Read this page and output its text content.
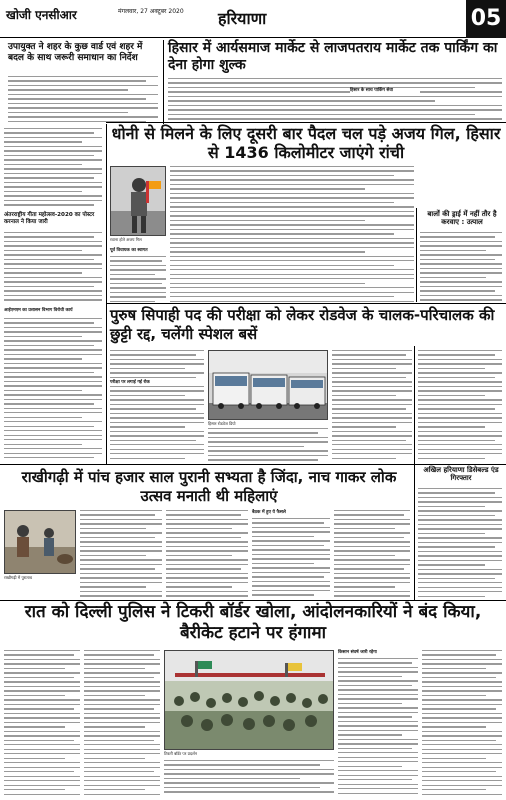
खोजी एनसीआर	मंगलवार, 27 अक्टूबर 2020 हरियाणा	05
उपायुक्त ने शहर के कुछ वार्ड एवं शहर में बदल के साथ जरूरी समाधान का निर्देश
अंतरराष्ट्रीय गीता महोत्सव-2020 का पोस्टर करनाल ने किया जारी
आईएमएम का प्रशासन विभाग विरोधी कार्य
हिसार में आर्यसमाज मार्केट से लाजपतराय मार्केट तक पार्किंग का देना होगा शुल्क
हिसार के साथ पार्किंग सेवा
धोनी से मिलने के लिए दूसरी बार पैदल चल पड़े अजय गिल, हिसार से 1436 किलोमीटर जाएंगे रांची
रवाना होते अजय गिल
पूर्व विधायक का स्वागत
बालों की ड्राई में नहीं तौर है करवाए : उत्पाल
पुरुष सिपाही पद की परीक्षा को लेकर रोडवेज के चालक-परिचालक की छुट्टी रद्द, चलेंगी स्पेशल बसें
परीक्षा पर लगाई गई रोक
हिसार रोडवेज डिपो
राखीगढ़ी में पांच हजार साल पुरानी सभ्यता है जिंदा, नाच गाकर लोक उत्सव मनाती थी महिलाएं
राखीगढ़ी में पुरातत्व
बैठक में हुए ये फैसले
अखिल हरियाणा डिसेबल्ड एंड गिरफ्तार
रात को दिल्ली पुलिस ने टिकरी बॉर्डर खोला, आंदोलनकारियों ने बंद किया, बैरीकेट हटाने पर हंगामा
टिकरी बॉर्डर पर प्रदर्शन
किसान संघर्ष जारी रहेगा
